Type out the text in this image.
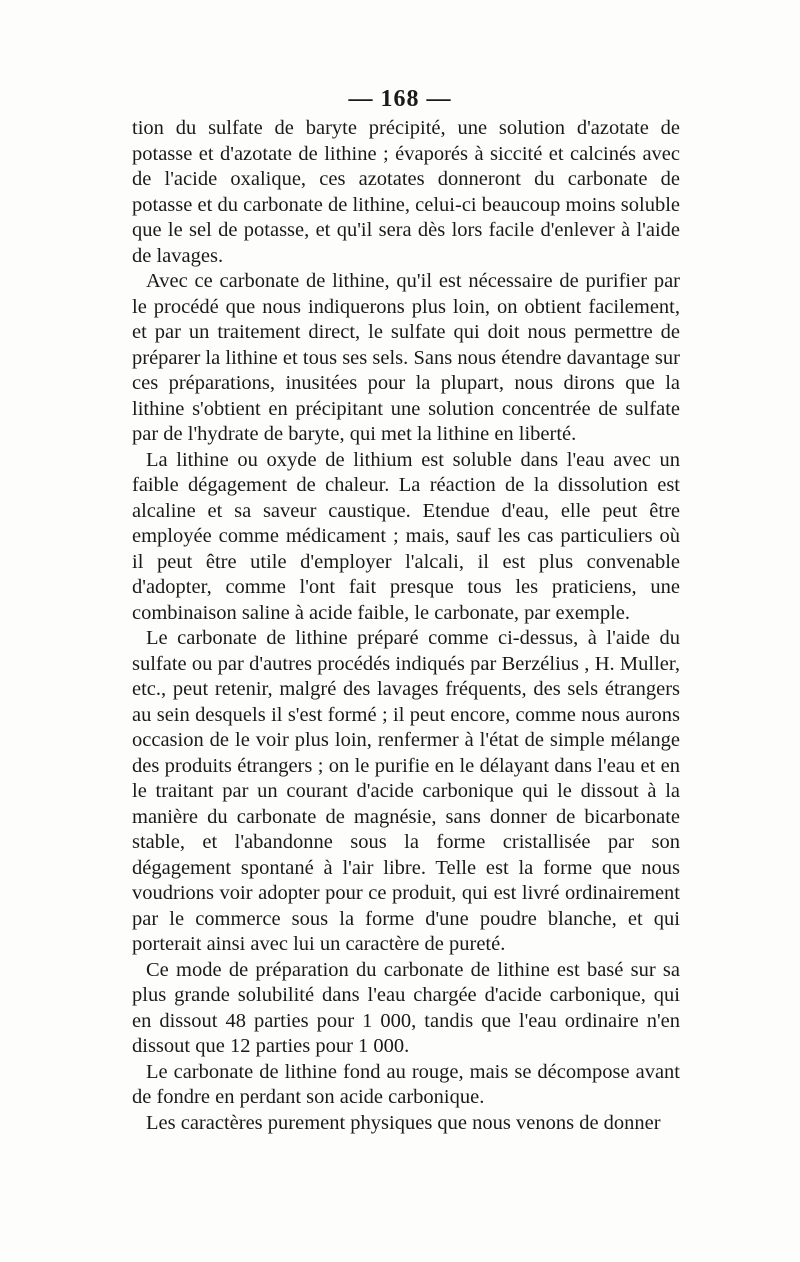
— 168 —

tion du sulfate de baryte précipité, une solution d'azotate de potasse et d'azotate de lithine ; évaporés à siccité et calcinés avec de l'acide oxalique, ces azotates donneront du carbonate de potasse et du carbonate de lithine, celui-ci beaucoup moins soluble que le sel de potasse, et qu'il sera dès lors facile d'enlever à l'aide de lavages.

Avec ce carbonate de lithine, qu'il est nécessaire de purifier par le procédé que nous indiquerons plus loin, on obtient facilement, et par un traitement direct, le sulfate qui doit nous permettre de préparer la lithine et tous ses sels. Sans nous étendre davantage sur ces préparations, inusitées pour la plupart, nous dirons que la lithine s'obtient en précipitant une solution concentrée de sulfate par de l'hydrate de baryte, qui met la lithine en liberté.

La lithine ou oxyde de lithium est soluble dans l'eau avec un faible dégagement de chaleur. La réaction de la dissolution est alcaline et sa saveur caustique. Etendue d'eau, elle peut être employée comme médicament ; mais, sauf les cas particuliers où il peut être utile d'employer l'alcali, il est plus convenable d'adopter, comme l'ont fait presque tous les praticiens, une combinaison saline à acide faible, le carbonate, par exemple.

Le carbonate de lithine préparé comme ci-dessus, à l'aide du sulfate ou par d'autres procédés indiqués par Berzélius , H. Muller, etc., peut retenir, malgré des lavages fréquents, des sels étrangers au sein desquels il s'est formé ; il peut encore, comme nous aurons occasion de le voir plus loin, renfermer à l'état de simple mélange des produits étrangers ; on le purifie en le délayant dans l'eau et en le traitant par un courant d'acide carbonique qui le dissout à la manière du carbonate de magnésie, sans donner de bicarbonate stable, et l'abandonne sous la forme cristallisée par son dégagement spontané à l'air libre. Telle est la forme que nous voudrions voir adopter pour ce produit, qui est livré ordinairement par le commerce sous la forme d'une poudre blanche, et qui porterait ainsi avec lui un caractère de pureté.

Ce mode de préparation du carbonate de lithine est basé sur sa plus grande solubilité dans l'eau chargée d'acide carbonique, qui en dissout 48 parties pour 1 000, tandis que l'eau ordinaire n'en dissout que 12 parties pour 1 000.

Le carbonate de lithine fond au rouge, mais se décompose avant de fondre en perdant son acide carbonique.

Les caractères purement physiques que nous venons de donner
